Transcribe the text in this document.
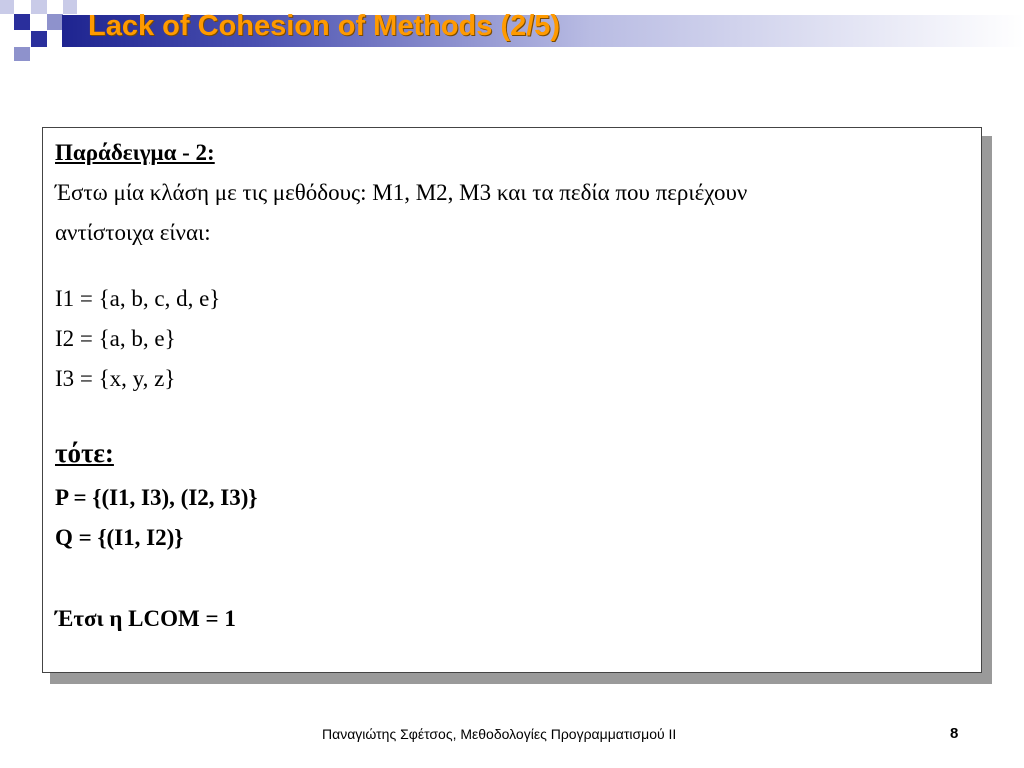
Lack of Cohesion of Methods (2/5)

Παράδειγμα - 2:

Έστω μία κλάση με τις μεθόδους: Μ1, Μ2, Μ3 και τα πεδία που περιέχουν

αντίστοιχα είναι:

I1 = {a, b, c, d, e}

I2 = {a, b, e}

I3 = {x, y, z}

τότε:

P = {(I1, I3), (I2, I3)}

Q = {(I1, I2)}

Έτσι η LCOM = 1

Παναγιώτης Σφέτσος, Μεθοδολογίες Προγραμματισμού ΙΙ	8
